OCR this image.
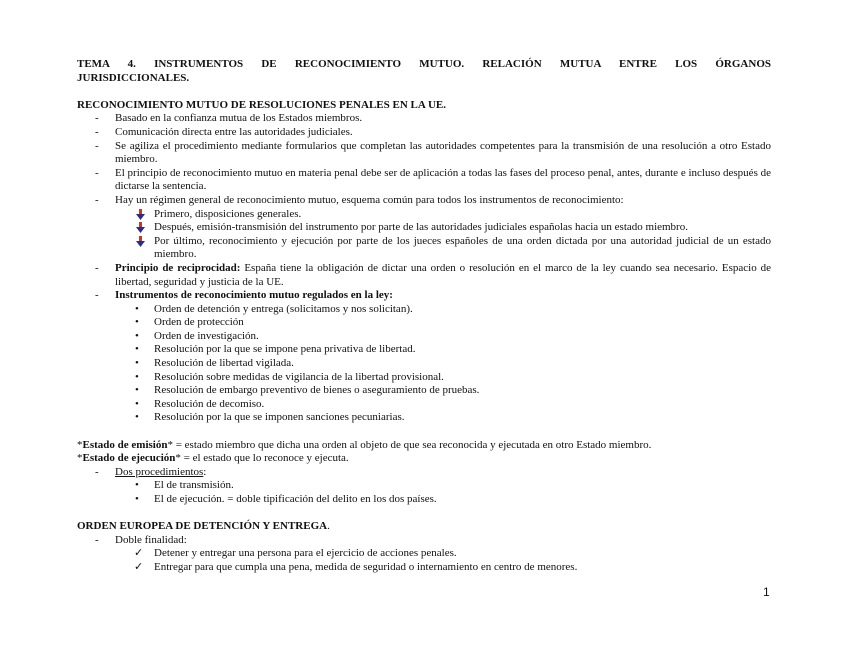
TEMA 4. INSTRUMENTOS DE RECONOCIMIENTO MUTUO. RELACIÓN MUTUA ENTRE LOS ÓRGANOS

JURISDICCIONALES.

RECONOCIMIENTO MUTUO DE RESOLUCIONES PENALES EN LA UE.

- Basado en la confianza mutua de los Estados miembros.
- Comunicación directa entre las autoridades judiciales.
- Se agiliza el procedimiento mediante formularios que completan las autoridades competentes para la transmisión de una resolución a otro Estado miembro.
- El principio de reconocimiento mutuo en materia penal debe ser de aplicación a todas las fases del proceso penal, antes, durante e incluso después de dictarse la sentencia.
- Hay un régimen general de reconocimiento mutuo, esquema común para todos los instrumentos de reconocimiento:
Primero, disposiciones generales.
Después, emisión-transmisión del instrumento por parte de las autoridades judiciales españolas hacia un estado miembro.
Por último, reconocimiento y ejecución por parte de los jueces españoles de una orden dictada por una autoridad judicial de un estado miembro.
- Principio de reciprocidad: España tiene la obligación de dictar una orden o resolución en el marco de la ley cuando sea necesario. Espacio de libertad, seguridad y justicia de la UE.
- Instrumentos de reconocimiento mutuo regulados en la ley:
• Orden de detención y entrega (solicitamos y nos solicitan).
• Orden de protección
• Orden de investigación.
• Resolución por la que se impone pena privativa de libertad.
• Resolución de libertad vigilada.
• Resolución sobre medidas de vigilancia de la libertad provisional.
• Resolución de embargo preventivo de bienes o aseguramiento de pruebas.
• Resolución de decomiso.
• Resolución por la que se imponen sanciones pecuniarias.
*Estado de emisión* = estado miembro que dicha una orden al objeto de que sea reconocida y ejecutada en otro Estado miembro.
*Estado de ejecución* = el estado que lo reconoce y ejecuta.
- Dos procedimientos:
• El de transmisión.
• El de ejecución. = doble tipificación del delito en los dos países.

ORDEN EUROPEA DE DETENCIÓN Y ENTREGA.

- Doble finalidad:
✓ Detener y entregar una persona para el ejercicio de acciones penales.
✓ Entregar para que cumpla una pena, medida de seguridad o internamiento en centro de menores.
1
